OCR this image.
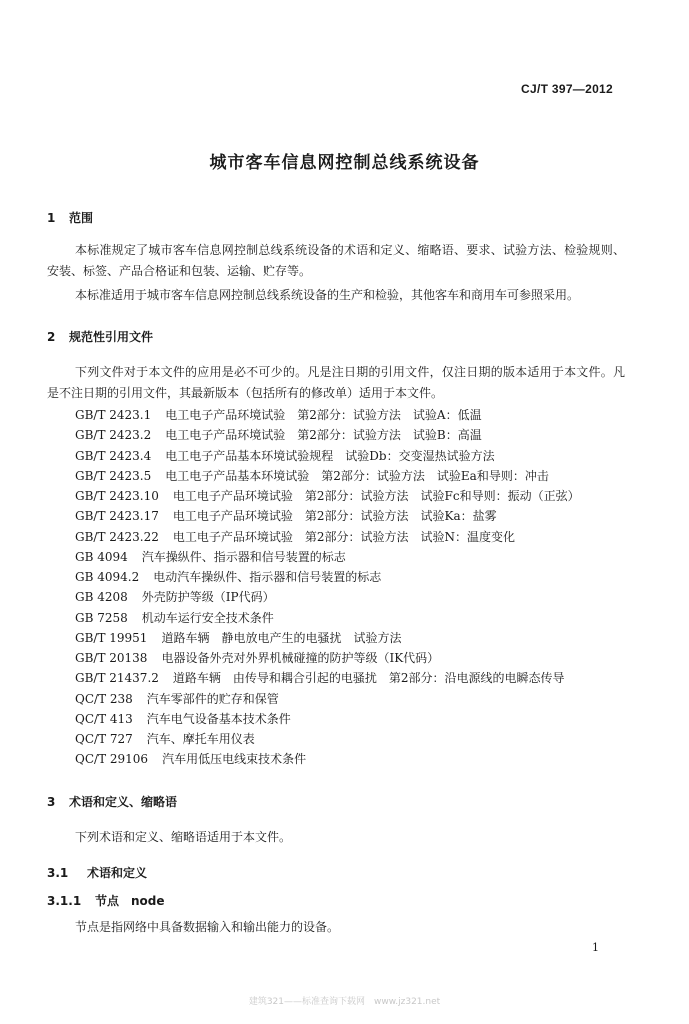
CJ/T 397—2012
城市客车信息网控制总线系统设备
1 范围
本标准规定了城市客车信息网控制总线系统设备的术语和定义、缩略语、要求、试验方法、检验规则、安装、标签、产品合格证和包装、运输、贮存等。
本标准适用于城市客车信息网控制总线系统设备的生产和检验，其他客车和商用车可参照采用。
2 规范性引用文件
下列文件对于本文件的应用是必不可少的。凡是注日期的引用文件，仅注日期的版本适用于本文件。凡是不注日期的引用文件，其最新版本（包括所有的修改单）适用于本文件。
GB/T 2423.1 电工电子产品环境试验　第2部分：试验方法　试验A：低温
GB/T 2423.2 电工电子产品环境试验　第2部分：试验方法　试验B：高温
GB/T 2423.4 电工电子产品基本环境试验规程　试验Db：交变湿热试验方法
GB/T 2423.5 电工电子产品基本环境试验　第2部分：试验方法　试验Ea和导则：冲击
GB/T 2423.10 电工电子产品环境试验　第2部分：试验方法　试验Fc和导则：振动（正弦）
GB/T 2423.17 电工电子产品环境试验　第2部分：试验方法　试验Ka：盐雾
GB/T 2423.22 电工电子产品环境试验　第2部分：试验方法　试验N：温度变化
GB 4094 汽车操纵件、指示器和信号装置的标志
GB 4094.2 电动汽车操纵件、指示器和信号装置的标志
GB 4208 外壳防护等级（IP代码）
GB 7258 机动车运行安全技术条件
GB/T 19951 道路车辆　静电放电产生的电骚扰　试验方法
GB/T 20138 电器设备外壳对外界机械碰撞的防护等级（IK代码）
GB/T 21437.2 道路车辆　由传导和耦合引起的电骚扰　第2部分：沿电源线的电瞬态传导
QC/T 238 汽车零部件的贮存和保管
QC/T 413 汽车电气设备基本技术条件
QC/T 727 汽车、摩托车用仪表
QC/T 29106 汽车用低压电线束技术条件
3 术语和定义、缩略语
下列术语和定义、缩略语适用于本文件。
3.1 术语和定义
3.1.1 节点　node
节点是指网络中具备数据输入和输出能力的设备。
1
建筑321——标准查询下载网　www.jz321.net
